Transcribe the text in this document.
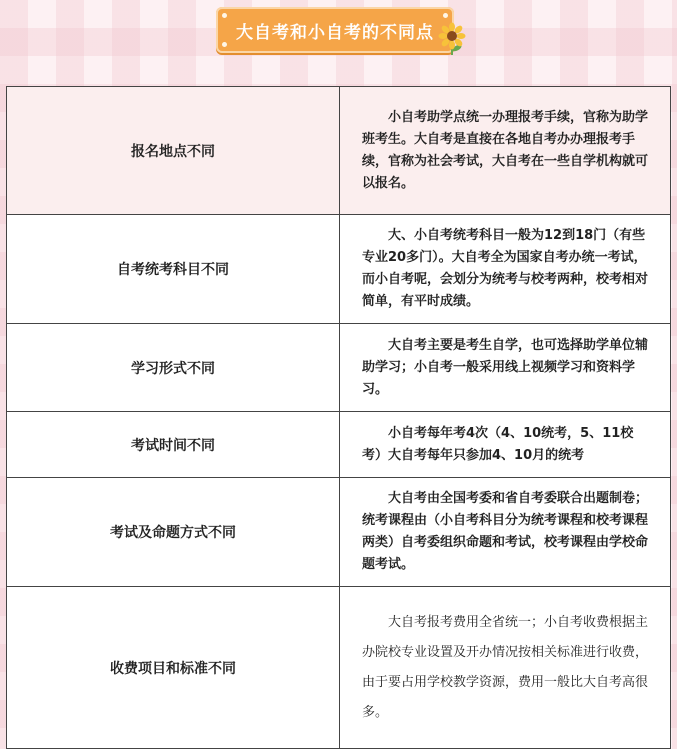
大自考和小自考的不同点
报名地点不同	小自考助学点统一办理报考手续，官称为助学班考生。大自考是直接在各地自考办办理报考手续，官称为社会考试，大自考在一些自学机构就可以报名。

自考统考科目不同	大、小自考统考科目一般为12到18门（有些专业20多门）。大自考全为国家自考办统一考试，而小自考呢，会划分为统考与校考两种，校考相对简单，有平时成绩。

学习形式不同	大自考主要是考生自学，也可选择助学单位辅助学习；小自考一般采用线上视频学习和资料学习。

考试时间不同	小自考每年考4次（4、10统考，5、11校考）大自考每年只参加4、10月的统考

考试及命题方式不同	大自考由全国考委和省自考委联合出题制卷；统考课程由（小自考科目分为统考课程和校考课程两类）自考委组织命题和考试，校考课程由学校命题考试。

收费项目和标准不同	大自考报考费用全省统一；小自考收费根据主办院校专业设置及开办情况按相关标准进行收费，由于要占用学校教学资源，费用一般比大自考高很多。
